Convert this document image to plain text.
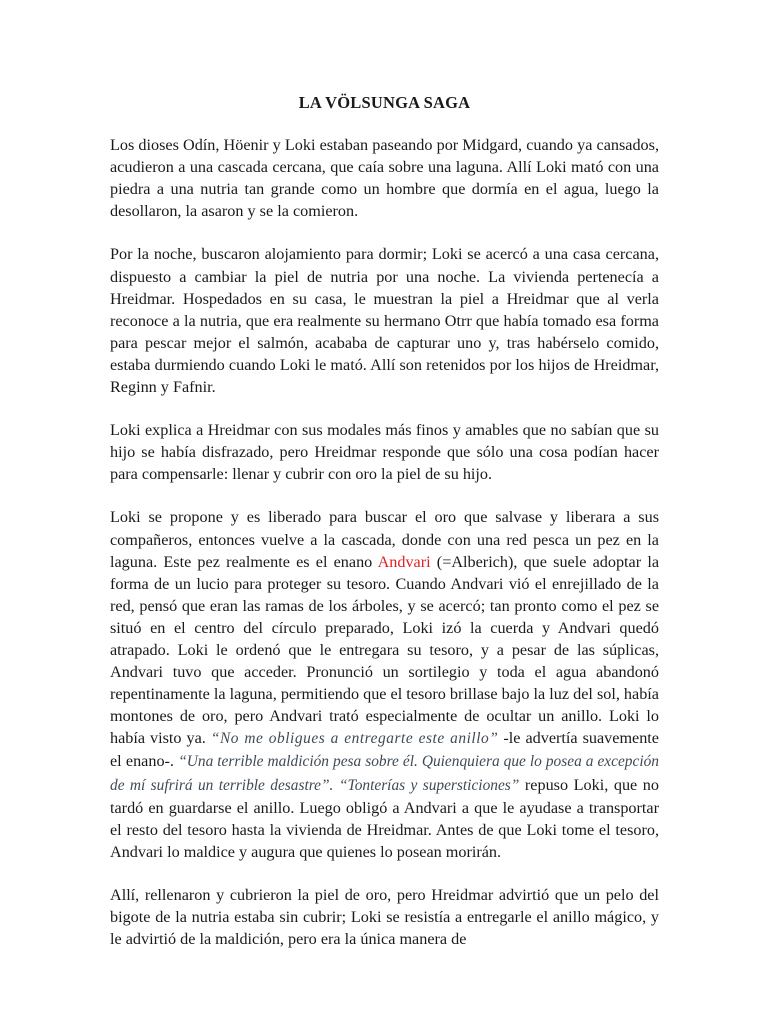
LA VÖLSUNGA SAGA

Los dioses Odín, Höenir y Loki estaban paseando por Midgard, cuando ya cansados, acudieron a una cascada cercana, que caía sobre una laguna. Allí Loki mató con una piedra a una nutria tan grande como un hombre que dormía en el agua, luego la desollaron, la asaron y se la comieron.

Por la noche, buscaron alojamiento para dormir; Loki se acercó a una casa cercana, dispuesto a cambiar la piel de nutria por una noche. La vivienda pertenecía a Hreidmar. Hospedados en su casa, le muestran la piel a Hreidmar que al verla reconoce a la nutria, que era realmente su hermano Otrr que había tomado esa forma para pescar mejor el salmón, acababa de capturar uno y, tras habérselo comido, estaba durmiendo cuando Loki le mató. Allí son retenidos por los hijos de Hreidmar, Reginn y Fafnir.

Loki explica a Hreidmar con sus modales más finos y amables que no sabían que su hijo se había disfrazado, pero Hreidmar responde que sólo una cosa podían hacer para compensarle: llenar y cubrir con oro la piel de su hijo.

Loki se propone y es liberado para buscar el oro que salvase y liberara a sus compañeros, entonces vuelve a la cascada, donde con una red pesca un pez en la laguna. Este pez realmente es el enano Andvari (=Alberich), que suele adoptar la forma de un lucio para proteger su tesoro. Cuando Andvari vió el enrejillado de la red, pensó que eran las ramas de los árboles, y se acercó; tan pronto como el pez se situó en el centro del círculo preparado, Loki izó la cuerda y Andvari quedó atrapado. Loki le ordenó que le entregara su tesoro, y a pesar de las súplicas, Andvari tuvo que acceder. Pronunció un sortilegio y toda el agua abandonó repentinamente la laguna, permitiendo que el tesoro brillase bajo la luz del sol, había montones de oro, pero Andvari trató especialmente de ocultar un anillo. Loki lo había visto ya. “No me obligues a entregarte este anillo” -le advertía suavemente el enano-. “Una terrible maldición pesa sobre él. Quienquiera que lo posea a excepción de mí sufrirá un terrible desastre”. “Tonterías y supersticiones” repuso Loki, que no tardó en guardarse el anillo. Luego obligó a Andvari a que le ayudase a transportar el resto del tesoro hasta la vivienda de Hreidmar. Antes de que Loki tome el tesoro, Andvari lo maldice y augura que quienes lo posean morirán.

Allí, rellenaron y cubrieron la piel de oro, pero Hreidmar advirtió que un pelo del bigote de la nutria estaba sin cubrir; Loki se resistía a entregarle el anillo mágico, y le advirtió de la maldición, pero era la única manera de
